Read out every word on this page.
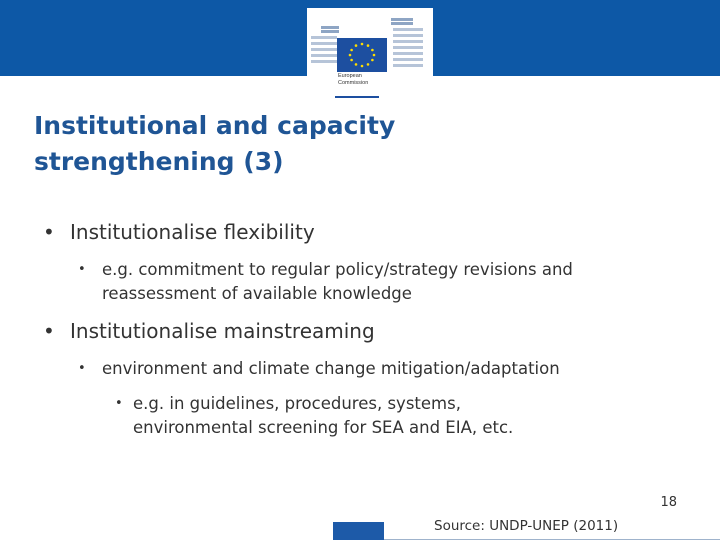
European
Commission
Institutional and capacity
strengthening (3)
• Institutionalise flexibility
• e.g. commitment to regular policy/strategy revisions and
reassessment of available knowledge
• Institutionalise mainstreaming
• environment and climate change mitigation/adaptation
• e.g. in guidelines, procedures, systems,
environmental screening for SEA and EIA, etc.
18
Source: UNDP-UNEP (2011)
